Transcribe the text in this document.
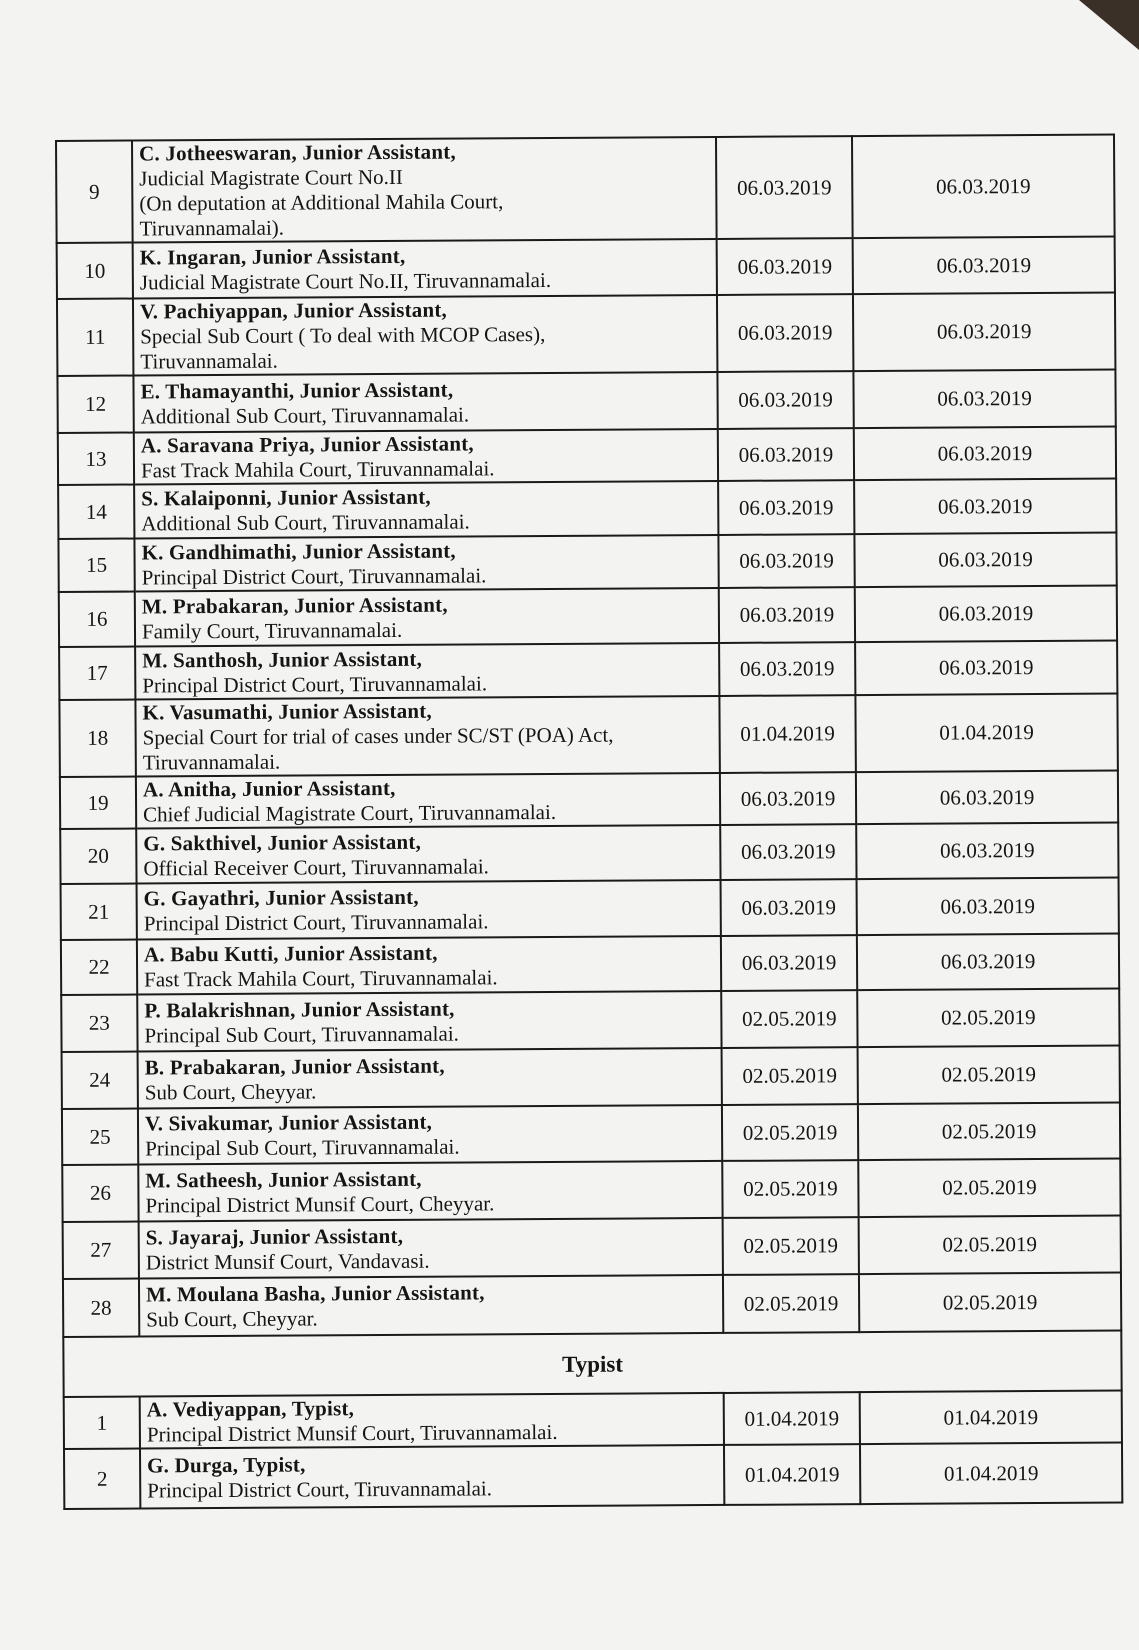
9	C. Jotheeswaran, Junior Assistant,
Judicial Magistrate Court No.II
(On deputation at Additional Mahila Court,
Tiruvannamalai).	06.03.2019	06.03.2019
10	K. Ingaran, Junior Assistant,
Judicial Magistrate Court No.II, Tiruvannamalai.	06.03.2019	06.03.2019
11	V. Pachiyappan, Junior Assistant,
Special Sub Court ( To deal with MCOP Cases),
Tiruvannamalai.	06.03.2019	06.03.2019
12	E. Thamayanthi, Junior Assistant,
Additional Sub Court, Tiruvannamalai.	06.03.2019	06.03.2019
13	A. Saravana Priya, Junior Assistant,
Fast Track Mahila Court, Tiruvannamalai.	06.03.2019	06.03.2019
14	S. Kalaiponni, Junior Assistant,
Additional Sub Court, Tiruvannamalai.	06.03.2019	06.03.2019
15	K. Gandhimathi, Junior Assistant,
Principal District Court, Tiruvannamalai.	06.03.2019	06.03.2019
16	M. Prabakaran, Junior Assistant,
Family Court, Tiruvannamalai.	06.03.2019	06.03.2019
17	M. Santhosh, Junior Assistant,
Principal District Court, Tiruvannamalai.	06.03.2019	06.03.2019
18	K. Vasumathi, Junior Assistant,
Special Court for trial of cases under SC/ST (POA) Act,
Tiruvannamalai.	01.04.2019	01.04.2019
19	A. Anitha, Junior Assistant,
Chief Judicial Magistrate Court, Tiruvannamalai.	06.03.2019	06.03.2019
20	G. Sakthivel, Junior Assistant,
Official Receiver Court, Tiruvannamalai.	06.03.2019	06.03.2019
21	G. Gayathri, Junior Assistant,
Principal District Court, Tiruvannamalai.	06.03.2019	06.03.2019
22	A. Babu Kutti, Junior Assistant,
Fast Track Mahila Court, Tiruvannamalai.	06.03.2019	06.03.2019
23	P. Balakrishnan, Junior Assistant,
Principal Sub Court, Tiruvannamalai.	02.05.2019	02.05.2019
24	B. Prabakaran, Junior Assistant,
Sub Court, Cheyyar.	02.05.2019	02.05.2019
25	V. Sivakumar, Junior Assistant,
Principal Sub Court, Tiruvannamalai.	02.05.2019	02.05.2019
26	M. Satheesh, Junior Assistant,
Principal District Munsif Court, Cheyyar.	02.05.2019	02.05.2019
27	S. Jayaraj, Junior Assistant,
District Munsif Court, Vandavasi.	02.05.2019	02.05.2019
28	M. Moulana Basha, Junior Assistant,
Sub Court, Cheyyar.	02.05.2019	02.05.2019
Typist			
1	A. Vediyappan, Typist,
Principal District Munsif Court, Tiruvannamalai.	01.04.2019	01.04.2019
2	G. Durga, Typist,
Principal District Court, Tiruvannamalai.	01.04.2019	01.04.2019
